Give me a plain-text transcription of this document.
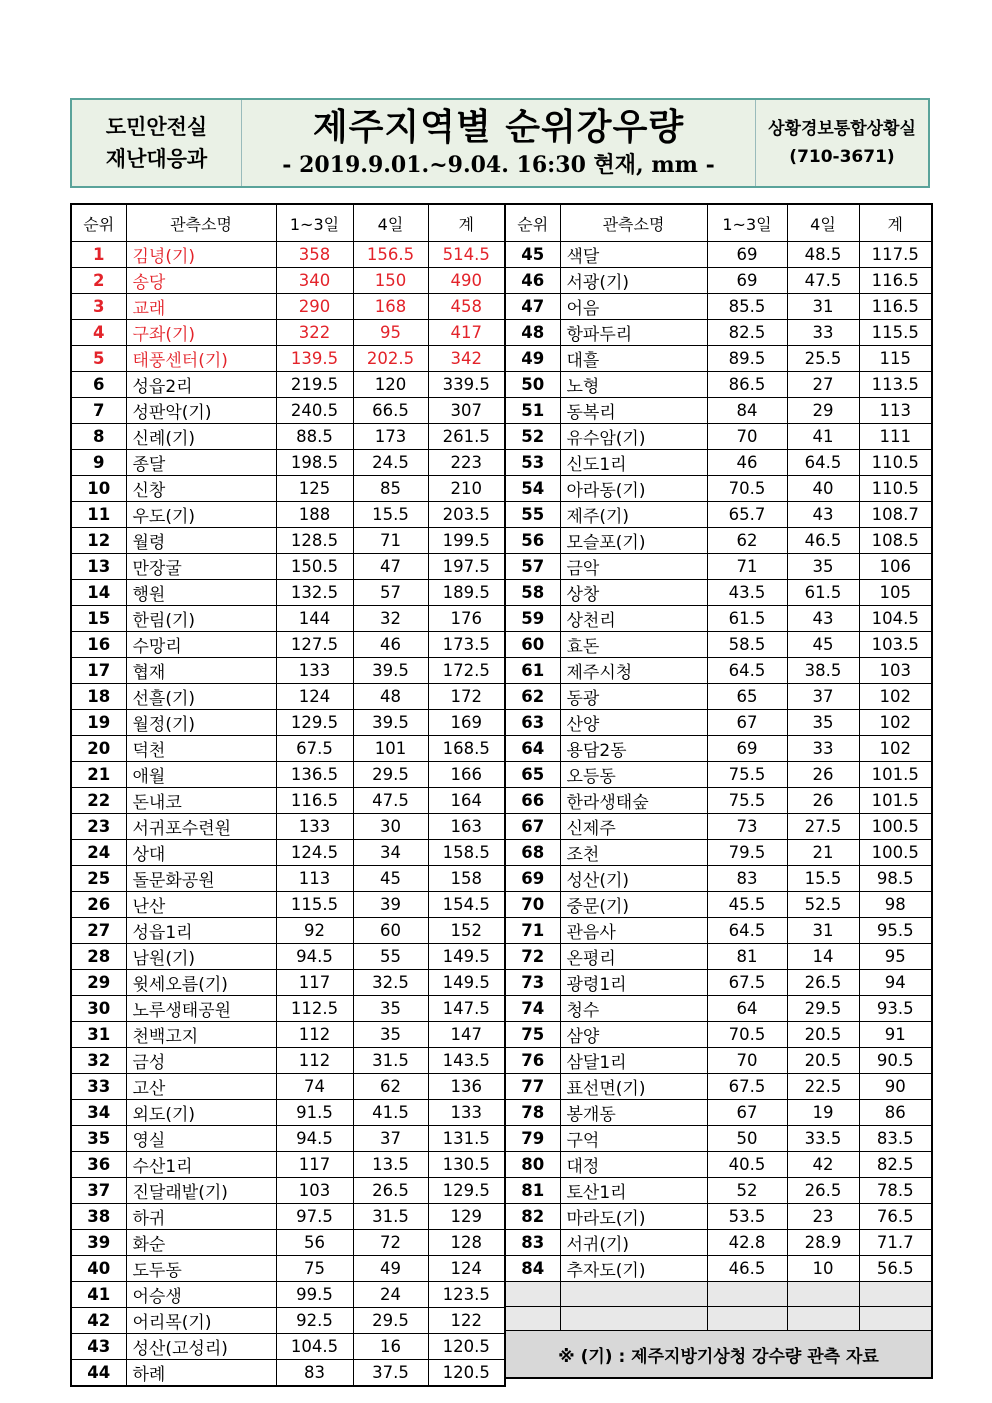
도민안전실
재난대응과
제주지역별 순위강우량
- 2019.9.01.~9.04. 16:30 현재, mm -
상황경보통합상황실
(710-3671)
순위	관측소명	1~3일	4일	계
1	김녕(기)	358	156.5	514.5
2	송당	340	150	490
3	교래	290	168	458
4	구좌(기)	322	95	417
5	태풍센터(기)	139.5	202.5	342
6	성읍2리	219.5	120	339.5
7	성판악(기)	240.5	66.5	307
8	신례(기)	88.5	173	261.5
9	종달	198.5	24.5	223
10	신창	125	85	210
11	우도(기)	188	15.5	203.5
12	월령	128.5	71	199.5
13	만장굴	150.5	47	197.5
14	행원	132.5	57	189.5
15	한림(기)	144	32	176
16	수망리	127.5	46	173.5
17	협재	133	39.5	172.5
18	선흘(기)	124	48	172
19	월정(기)	129.5	39.5	169
20	덕천	67.5	101	168.5
21	애월	136.5	29.5	166
22	돈내코	116.5	47.5	164
23	서귀포수련원	133	30	163
24	상대	124.5	34	158.5
25	돌문화공원	113	45	158
26	난산	115.5	39	154.5
27	성읍1리	92	60	152
28	남원(기)	94.5	55	149.5
29	윗세오름(기)	117	32.5	149.5
30	노루생태공원	112.5	35	147.5
31	천백고지	112	35	147
32	금성	112	31.5	143.5
33	고산	74	62	136
34	외도(기)	91.5	41.5	133
35	영실	94.5	37	131.5
36	수산1리	117	13.5	130.5
37	진달래밭(기)	103	26.5	129.5
38	하귀	97.5	31.5	129
39	화순	56	72	128
40	도두동	75	49	124
41	어승생	99.5	24	123.5
42	어리목(기)	92.5	29.5	122
43	성산(고성리)	104.5	16	120.5
44	하례	83	37.5	120.5
순위	관측소명	1~3일	4일	계
45	색달	69	48.5	117.5
46	서광(기)	69	47.5	116.5
47	어음	85.5	31	116.5
48	항파두리	82.5	33	115.5
49	대흘	89.5	25.5	115
50	노형	86.5	27	113.5
51	동복리	84	29	113
52	유수암(기)	70	41	111
53	신도1리	46	64.5	110.5
54	아라동(기)	70.5	40	110.5
55	제주(기)	65.7	43	108.7
56	모슬포(기)	62	46.5	108.5
57	금악	71	35	106
58	상창	43.5	61.5	105
59	상천리	61.5	43	104.5
60	효돈	58.5	45	103.5
61	제주시청	64.5	38.5	103
62	동광	65	37	102
63	산양	67	35	102
64	용담2동	69	33	102
65	오등동	75.5	26	101.5
66	한라생태숲	75.5	26	101.5
67	신제주	73	27.5	100.5
68	조천	79.5	21	100.5
69	성산(기)	83	15.5	98.5
70	중문(기)	45.5	52.5	98
71	관음사	64.5	31	95.5
72	온평리	81	14	95
73	광령1리	67.5	26.5	94
74	청수	64	29.5	93.5
75	삼양	70.5	20.5	91
76	삼달1리	70	20.5	90.5
77	표선면(기)	67.5	22.5	90
78	봉개동	67	19	86
79	구억	50	33.5	83.5
80	대정	40.5	42	82.5
81	토산1리	52	26.5	78.5
82	마라도(기)	53.5	23	76.5
83	서귀(기)	42.8	28.9	71.7
84	추자도(기)	46.5	10	56.5

※ (기) : 제주지방기상청 강수량 관측 자료				
